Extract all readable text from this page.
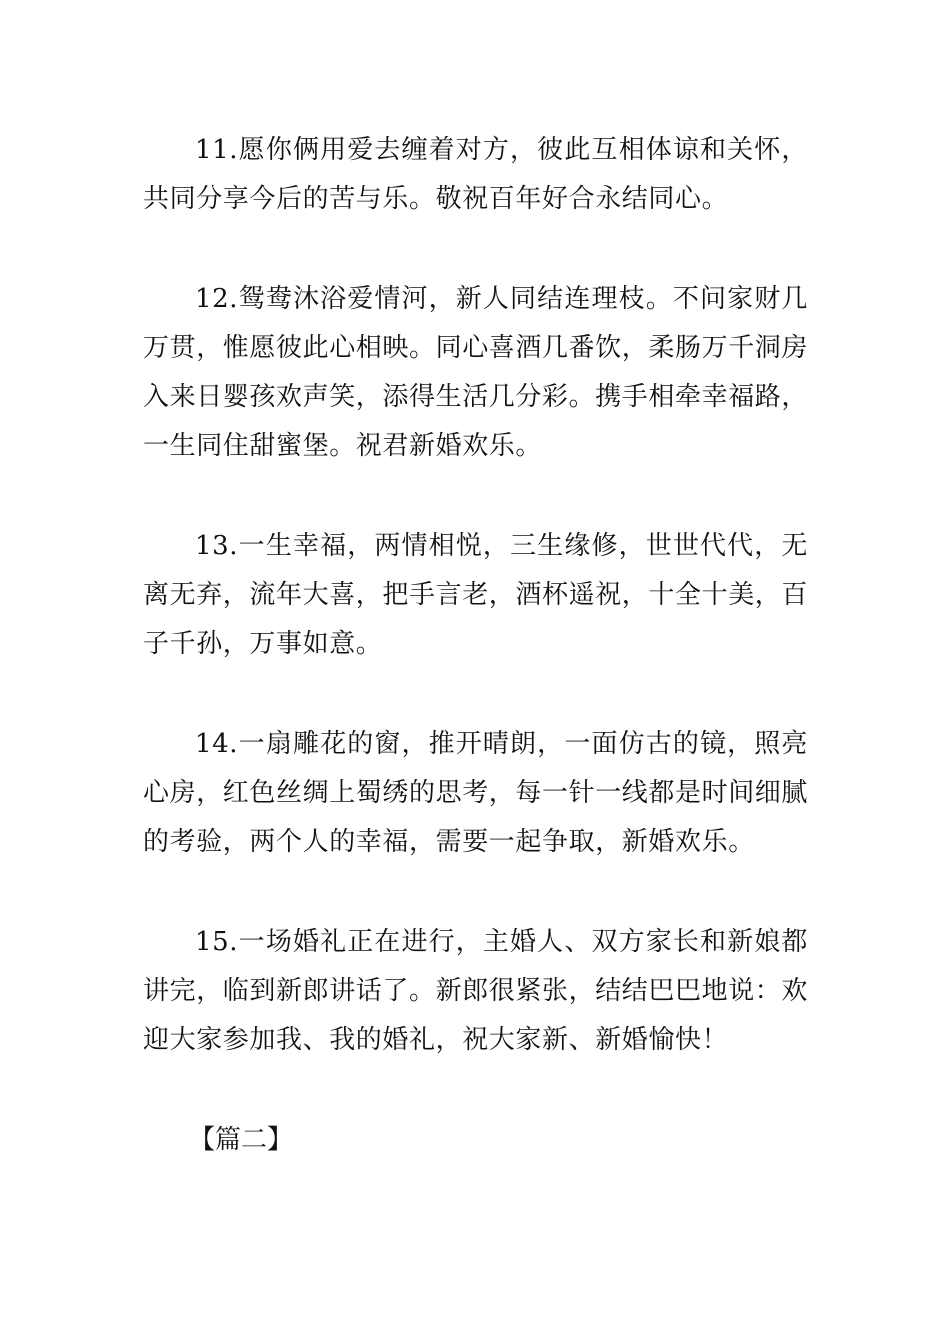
11.愿你俩用爱去缠着对方，彼此互相体谅和关怀，共同分享今后的苦与乐。敬祝百年好合永结同心。

12.鸳鸯沐浴爱情河，新人同结连理枝。不问家财几万贯，惟愿彼此心相映。同心喜酒几番饮，柔肠万千洞房入来日婴孩欢声笑，添得生活几分彩。携手相牵幸福路，一生同住甜蜜堡。祝君新婚欢乐。

13.一生幸福，两情相悦，三生缘修，世世代代，无离无弃，流年大喜，把手言老，酒杯遥祝，十全十美，百子千孙，万事如意。

14.一扇雕花的窗，推开晴朗，一面仿古的镜，照亮心房，红色丝绸上蜀绣的思考，每一针一线都是时间细腻的考验，两个人的幸福，需要一起争取，新婚欢乐。

15.一场婚礼正在进行，主婚人、双方家长和新娘都讲完，临到新郎讲话了。新郎很紧张，结结巴巴地说：欢迎大家参加我、我的婚礼，祝大家新、新婚愉快！

【篇二】
